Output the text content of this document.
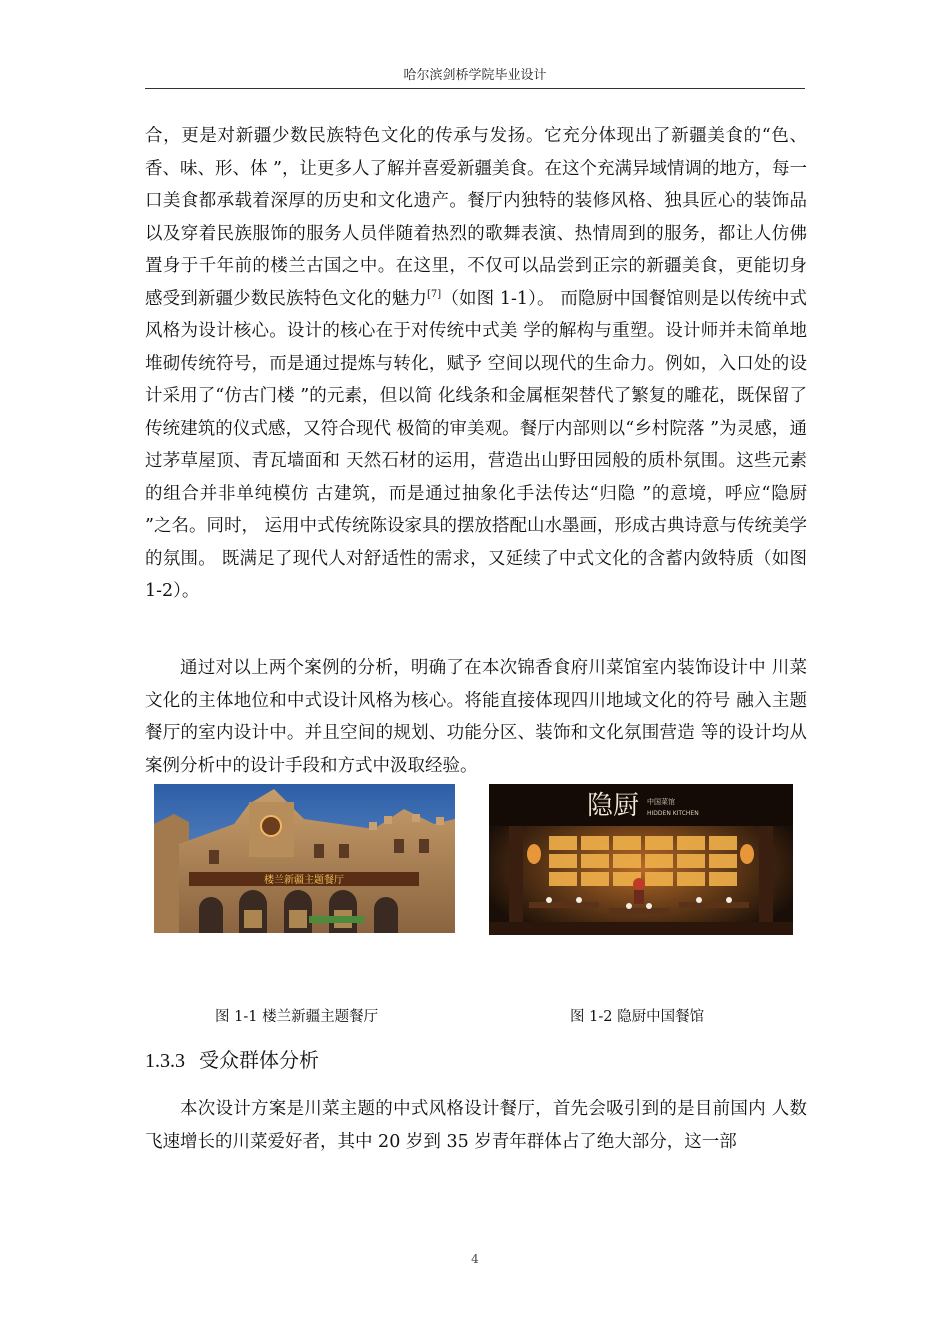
哈尔滨剑桥学院毕业设计

合，更是对新疆少数民族特色文化的传承与发扬。它充分体现出了新疆美食的“色、香、味、形、体 ”，让更多人了解并喜爱新疆美食。在这个充满异域情调的地方，每一口美食都承载着深厚的历史和文化遗产。餐厅内独特的装修风格、独具匠心的装饰品以及穿着民族服饰的服务人员伴随着热烈的歌舞表演、热情周到的服务，都让人仿佛置身于千年前的楼兰古国之中。在这里，不仅可以品尝到正宗的新疆美食，更能切身感受到新疆少数民族特色文化的魅力[7]（如图 1-1）。 而隐厨中国餐馆则是以传统中式风格为设计核心。设计的核心在于对传统中式美 学的解构与重塑。设计师并未简单地堆砌传统符号，而是通过提炼与转化，赋予 空间以现代的生命力。例如，入口处的设计采用了“仿古门楼 ”的元素，但以简 化线条和金属框架替代了繁复的雕花，既保留了传统建筑的仪式感，又符合现代 极简的审美观。餐厅内部则以“乡村院落 ”为灵感，通过茅草屋顶、青瓦墙面和 天然石材的运用，营造出山野田园般的质朴氛围。这些元素的组合并非单纯模仿 古建筑，而是通过抽象化手法传达“归隐 ”的意境，呼应“隐厨 ”之名。同时， 运用中式传统陈设家具的摆放搭配山水墨画，形成古典诗意与传统美学的氛围。 既满足了现代人对舒适性的需求，又延续了中式文化的含蓄内敛特质（如图 1-2）。

通过对以上两个案例的分析，明确了在本次锦香食府川菜馆室内装饰设计中 川菜文化的主体地位和中式设计风格为核心。将能直接体现四川地域文化的符号 融入主题餐厅的室内设计中。并且空间的规划、功能分区、装饰和文化氛围营造 等的设计均从案例分析中的设计手段和方式中汲取经验。

楼兰新疆主题餐厅
隐厨 中国菜馆
HIDDEN KITCHEN
图 1-1 楼兰新疆主题餐厅	图 1-2 隐厨中国餐馆
1.3.3 受众群体分析

本次设计方案是川菜主题的中式风格设计餐厅，首先会吸引到的是目前国内 人数飞速增长的川菜爱好者，其中 20 岁到 35 岁青年群体占了绝大部分，这一部

4
